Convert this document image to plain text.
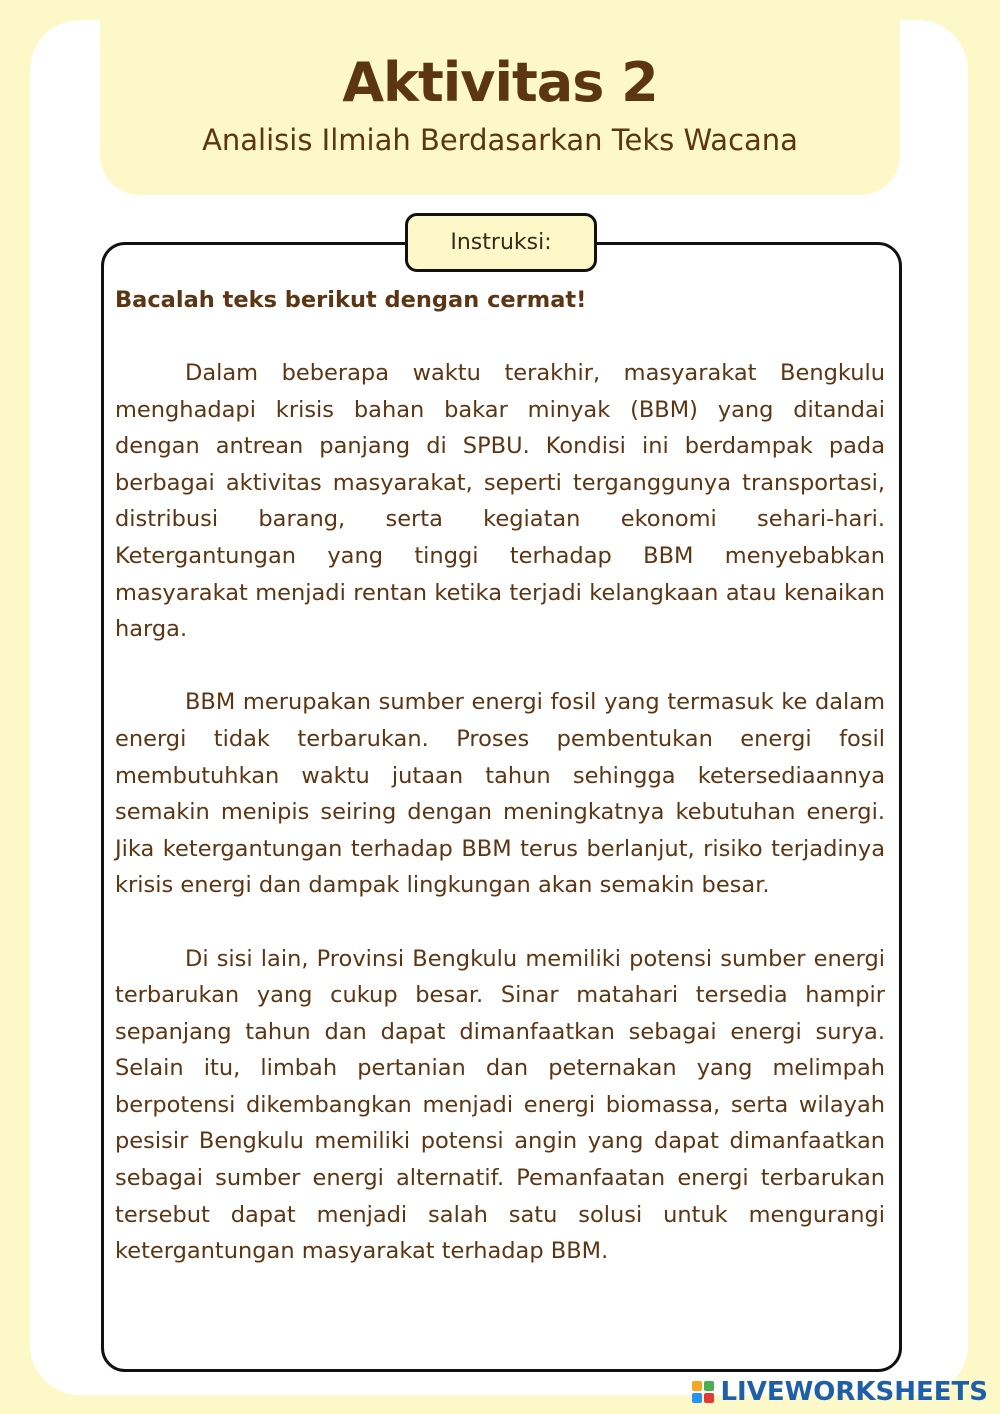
Aktivitas 2
Analisis Ilmiah Berdasarkan Teks Wacana
Instruksi:

Bacalah teks berikut dengan cermat!

Dalam beberapa waktu terakhir, masyarakat Bengkulu menghadapi krisis bahan bakar minyak (BBM) yang ditandai dengan antrean panjang di SPBU. Kondisi ini berdampak pada berbagai aktivitas masyarakat, seperti terganggunya transportasi, distribusi barang, serta kegiatan ekonomi sehari-hari. Ketergantungan yang tinggi terhadap BBM menyebabkan masyarakat menjadi rentan ketika terjadi kelangkaan atau kenaikan harga.

BBM merupakan sumber energi fosil yang termasuk ke dalam energi tidak terbarukan. Proses pembentukan energi fosil membutuhkan waktu jutaan tahun sehingga ketersediaannya semakin menipis seiring dengan meningkatnya kebutuhan energi. Jika ketergantungan terhadap BBM terus berlanjut, risiko terjadinya krisis energi dan dampak lingkungan akan semakin besar.

Di sisi lain, Provinsi Bengkulu memiliki potensi sumber energi terbarukan yang cukup besar. Sinar matahari tersedia hampir sepanjang tahun dan dapat dimanfaatkan sebagai energi surya. Selain itu, limbah pertanian dan peternakan yang melimpah berpotensi dikembangkan menjadi energi biomassa, serta wilayah pesisir Bengkulu memiliki potensi angin yang dapat dimanfaatkan sebagai sumber energi alternatif. Pemanfaatan energi terbarukan tersebut dapat menjadi salah satu solusi untuk mengurangi ketergantungan masyarakat terhadap BBM.

LIVEWORKSHEETS
